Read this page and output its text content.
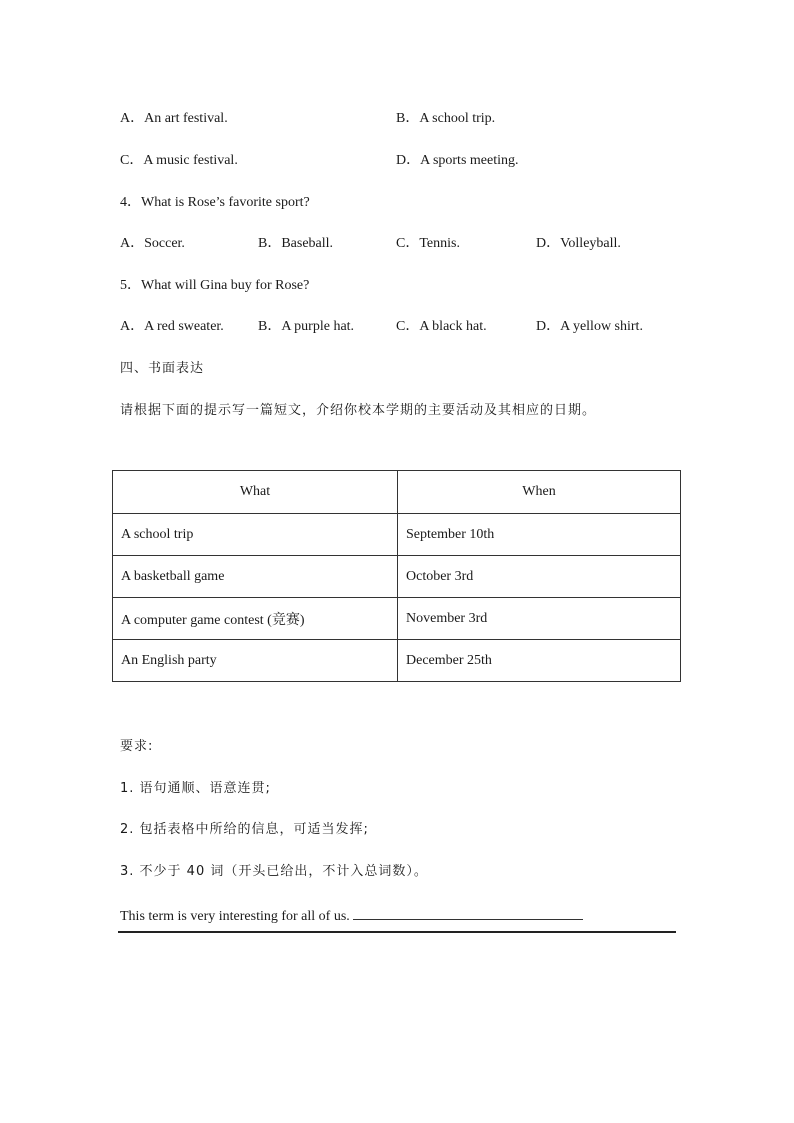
A．An art festival.	B．A school trip.
C．A music festival.	D．A sports meeting.
4．What is Rose’s favorite sport?
A．Soccer.	B．Baseball.	C．Tennis.	D．Volleyball.
5．What will Gina buy for Rose?
A．A red sweater. B．A purple hat.	C．A black hat.	D．A yellow shirt.
四、书面表达
请根据下面的提示写一篇短文，介绍你校本学期的主要活动及其相应的日期。
What	When
A school trip	September 10th
A basketball game	October 3rd
A computer game contest (竞赛)	November 3rd
An English party	December 25th
要求:
1. 语句通顺、语意连贯;
2. 包括表格中所给的信息，可适当发挥;
3. 不少于 40 词（开头已给出，不计入总词数）。
This term is very interesting for all of us.
